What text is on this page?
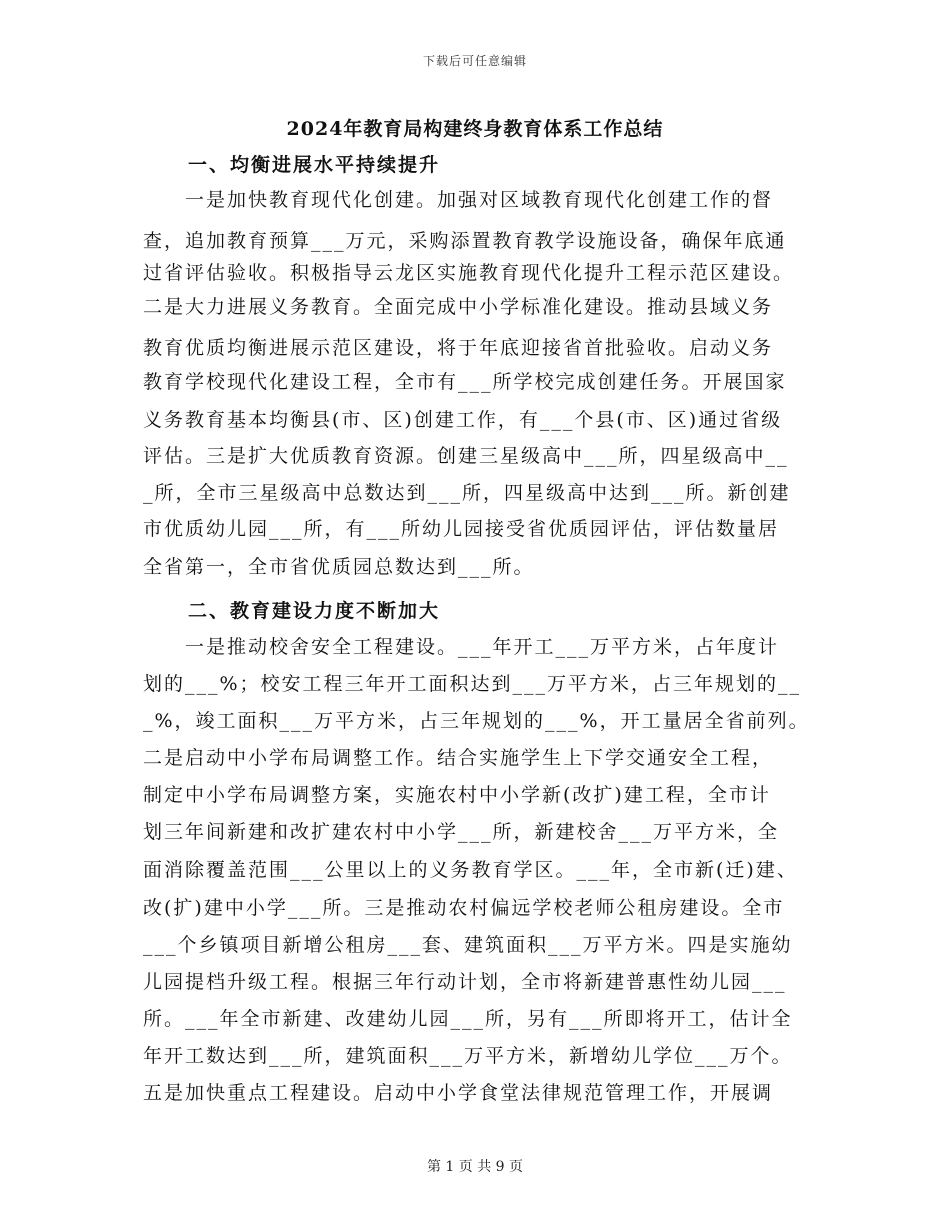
下载后可任意编辑
2024年教育局构建终身教育体系工作总结
一、均衡进展水平持续提升
　　一是加快教育现代化创建。加强对区域教育现代化创建工作的督
查，追加教育预算___万元，采购添置教育教学设施设备，确保年底通
过省评估验收。积极指导云龙区实施教育现代化提升工程示范区建设。
二是大力进展义务教育。全面完成中小学标准化建设。推动县域义务
教育优质均衡进展示范区建设，将于年底迎接省首批验收。启动义务
教育学校现代化建设工程，全市有___所学校完成创建任务。开展国家
义务教育基本均衡县(市、区)创建工作，有___个县(市、区)通过省级
评估。三是扩大优质教育资源。创建三星级高中___所，四星级高中__
_所，全市三星级高中总数达到___所，四星级高中达到___所。新创建
市优质幼儿园___所，有___所幼儿园接受省优质园评估，评估数量居
全省第一，全市省优质园总数达到___所。
二、教育建设力度不断加大
　　一是推动校舍安全工程建设。___年开工___万平方米，占年度计
划的___%；校安工程三年开工面积达到___万平方米，占三年规划的__
_%，竣工面积___万平方米，占三年规划的___%，开工量居全省前列。
二是启动中小学布局调整工作。结合实施学生上下学交通安全工程，
制定中小学布局调整方案，实施农村中小学新(改扩)建工程，全市计
划三年间新建和改扩建农村中小学___所，新建校舍___万平方米，全
面消除覆盖范围___公里以上的义务教育学区。___年，全市新(迁)建、
改(扩)建中小学___所。三是推动农村偏远学校老师公租房建设。全市
___个乡镇项目新增公租房___套、建筑面积___万平方米。四是实施幼
儿园提档升级工程。根据三年行动计划，全市将新建普惠性幼儿园___
所。___年全市新建、改建幼儿园___所，另有___所即将开工，估计全
年开工数达到___所，建筑面积___万平方米，新增幼儿学位___万个。
五是加快重点工程建设。启动中小学食堂法律规范管理工作，开展调
第 1 页 共 9 页
